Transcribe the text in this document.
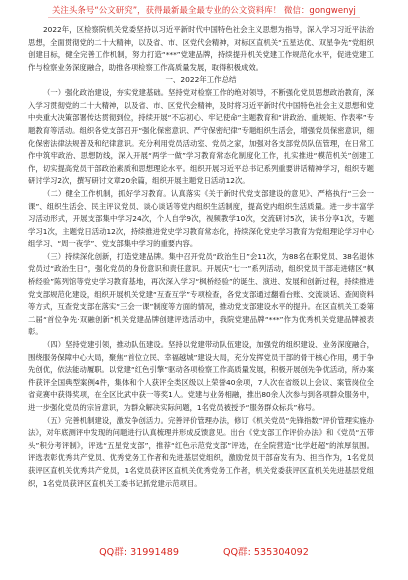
关注头条号“公文研究”，获得最新最全最专业的公文资料库！ 微信：gongwenyj

2022年，区检察院机关党委坚持以习近平新时代中国特色社会主义思想为指导，深入学习习近平法治思想，全面贯彻党的二十大精神，以及省、市、区党代会精神，对标区直机关“五星达优、双星争先”党组织创建目标，健全完善工作机制，努力打造“***”党建品牌，持续提升机关党建工作规范化水平，促进党建工作与检察业务深度融合，助推各项检察工作高质量发展，取得积极成效。

一、2022年工作总结

（一）强化政治建设，夯实党建基础。坚持党对检察工作的绝对领导，不断强化党员思想政治教育，深入学习贯彻党的二十大精神，以及省、市、区党代会精神，及时将习近平新时代中国特色社会主义思想和党中央重大决策部署传达贯彻到位，持续开展“不忘初心、牢记使命”主题教育和“讲政治、重规矩、作表率”专题教育等活动。组织各党支部召开“强化保密意识、严守保密纪律”专题组织生活会，增强党员保密意识，细化保密法律法规普及和纪律意识。充分利用党员活动室、党员之家，加强对各支部党员队伍管理，在日常工作中筑牢政治、思想防线，深入开展“两学一做”学习教育常态化制度化工作，扎实推进“模范机关”创建工作，切实提高党员干部政治素质和思想理论水平。组织开展习近平总书记系列重要讲话精神学习，组织专题研讨学习2次，撰写研讨文章20余篇，组织开展主题党日活动12次。

（二）健全工作机制，抓好学习教育。认真落实《关于新时代党支部建设的意见》、严格执行“三会一课”、组织生活会、民主评议党员、谈心谈话等党内组织生活制度，提高党内组织生活质量。进一步丰富学习活动形式，开展支部集中学习24次，个人自学9次，视频教学10次，交流研讨5次，读书分享1次，专题学习1次，主题党日活动12次，持续推进党史学习教育常态化，持续深化党史学习教育为党组理论学习中心组学习、“周一夜学”、党支部集中学习的重要内容。

（三）持续深化创新，打造党建品牌。集中召开党员“政治生日”会11次，为88名在职党员、38名退休党员过“政治生日”，强化党员的身份意识和责任意识。开展庆“七一”系列活动，组织党员干部走进辖区“枫桥经验”陈列馆等党史学习教育基地，再次深入学习“枫桥经验”的诞生、演进、发展和创新过程，持续推进党支部规范化建设，组织开展机关党建“互查互学”专项检查，各党支部通过翻看台账、交流谈话、查阅资料等方式，互查党支部在落实“三会一课”制度等方面的情况，推动党支部建设水平的提升。在区直机关工委第二届“首位争先·双融创新”机关党建品牌创建评选活动中，我院党建品牌“***”作为优秀机关党建品牌被表彰。

（四）坚持党建引领，推动队伍建设。坚持以党建带动队伍建设，加强党的组织建设、业务深度融合，围绕服务保障中心大局，聚焦“首位立民、幸福越城”建设大局，充分发挥党员干部的骨干核心作用，勇于争先创优，依法能动履职。以党建“红色引擎”驱动各项检察工作高质量发展，积极开展创先争优活动，所办案件获评全国典型案例4件，集体和个人获评全类区级以上荣誉40余项，7人次在省级以上会议、案管岗位全省竞赛中获得奖项，在全区比武中获一等奖1人。党建与业务相融，推出80余人次参与到各项群众服务中，进一步强化党员的宗旨意识，为群众解决实际问题，1名党员被授予“服务群众标兵”称号。

（五）完善机制建设，激发争创活力。完善评价管理办法，修订《机关党员“先锋指数”评价管理实施办法》，对年底测评中发现的问题进行认真梳理并形成反馈意见。出台《党支部工作评价办法》和《党员“五带头”积分考评制》，评选“五星党支部”，推荐“红色示范党支部”评选，在全院营造“比学赶超”的浓厚氛围。评选表彰优秀共产党员、优秀党务工作者和先进基层党组织，激励党员干部奋发有为、担当作为，1名党员获评区直机关优秀共产党员，1名党员获评区直机关优秀党务工作者，机关党委获评区直机关先进基层党组织，1名党员获评区直机关工委书记抓党建示范项目。

QQ群: 31991489	QQ群: 535304092
